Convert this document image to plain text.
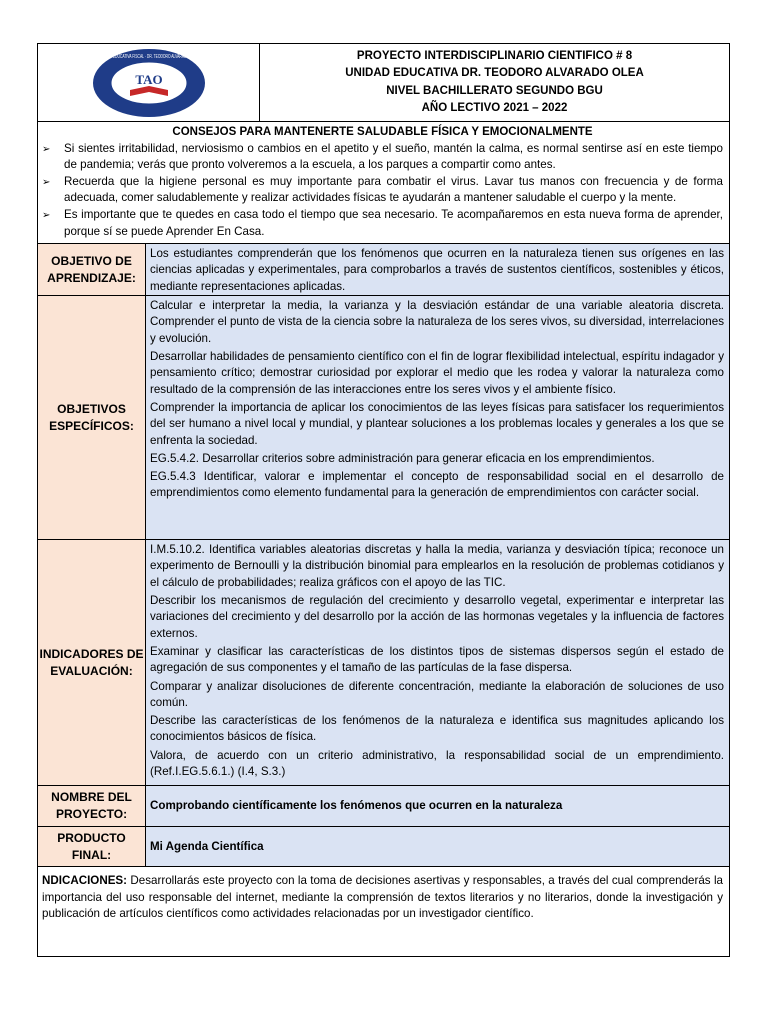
TAO
UNIDAD EDUCATIVA FISCAL · DR. TEODORO ALVARADO OLEA	PROYECTO INTERDISCIPLINARIO CIENTIFICO # 8
UNIDAD EDUCATIVA DR. TEODORO ALVARADO OLEA
NIVEL BACHILLERATO SEGUNDO BGU
AÑO LECTIVO 2021 – 2022
CONSEJOS PARA MANTENERTE SALUDABLE FÍSICA Y EMOCIONALMENTE
➢	Si sientes irritabilidad, nerviosismo o cambios en el apetito y el sueño, mantén la calma, es normal sentirse así en este tiempo de pandemia; verás que pronto volveremos a la escuela, a los parques a compartir como antes.
➢	Recuerda que la higiene personal es muy importante para combatir el virus. Lavar tus manos con frecuencia y de forma adecuada, comer saludablemente y realizar actividades físicas te ayudarán a mantener saludable el cuerpo y la mente.
➢	Es importante que te quedes en casa todo el tiempo que sea necesario. Te acompañaremos en esta nueva forma de aprender, porque sí se puede Aprender En Casa.
OBJETIVO DE APRENDIZAJE:

Los estudiantes comprenderán que los fenómenos que ocurren en la naturaleza tienen sus orígenes en las ciencias aplicadas y experimentales, para comprobarlos a través de sustentos científicos, sostenibles y éticos, mediante representaciones aplicadas.

OBJETIVOS ESPECÍFICOS:

Calcular e interpretar la media, la varianza y la desviación estándar de una variable aleatoria discreta. Comprender el punto de vista de la ciencia sobre la naturaleza de los seres vivos, su diversidad, interrelaciones y evolución.

Desarrollar habilidades de pensamiento científico con el fin de lograr flexibilidad intelectual, espíritu indagador y pensamiento crítico; demostrar curiosidad por explorar el medio que les rodea y valorar la naturaleza como resultado de la comprensión de las interacciones entre los seres vivos y el ambiente físico.

Comprender la importancia de aplicar los conocimientos de las leyes físicas para satisfacer los requerimientos del ser humano a nivel local y mundial, y plantear soluciones a los problemas locales y generales a los que se enfrenta la sociedad.

EG.5.4.2. Desarrollar criterios sobre administración para generar eficacia en los emprendimientos.

EG.5.4.3 Identificar, valorar e implementar el concepto de responsabilidad social en el desarrollo de emprendimientos como elemento fundamental para la generación de emprendimientos con carácter social.

INDICADORES DE EVALUACIÓN:

I.M.5.10.2. Identifica variables aleatorias discretas y halla la media, varianza y desviación típica; reconoce un experimento de Bernoulli y la distribución binomial para emplearlos en la resolución de problemas cotidianos y el cálculo de probabilidades; realiza gráficos con el apoyo de las TIC.

Describir los mecanismos de regulación del crecimiento y desarrollo vegetal, experimentar e interpretar las variaciones del crecimiento y del desarrollo por la acción de las hormonas vegetales y la influencia de factores externos.

Examinar y clasificar las características de los distintos tipos de sistemas dispersos según el estado de agregación de sus componentes y el tamaño de las partículas de la fase dispersa.

Comparar y analizar disoluciones de diferente concentración, mediante la elaboración de soluciones de uso común.

Describe las características de los fenómenos de la naturaleza e identifica sus magnitudes aplicando los conocimientos básicos de física.

Valora, de acuerdo con un criterio administrativo, la responsabilidad social de un emprendimiento. (Ref.I.EG.5.6.1.) (I.4, S.3.)

NOMBRE DEL PROYECTO:
Comprobando científicamente los fenómenos que ocurren en la naturaleza
PRODUCTO FINAL:
Mi Agenda Científica
NDICACIONES: Desarrollarás este proyecto con la toma de decisiones asertivas y responsables, a través del cual comprenderás la importancia del uso responsable del internet, mediante la comprensión de textos literarios y no literarios, donde la investigación y publicación de artículos científicos como actividades relacionadas por un investigador científico.
